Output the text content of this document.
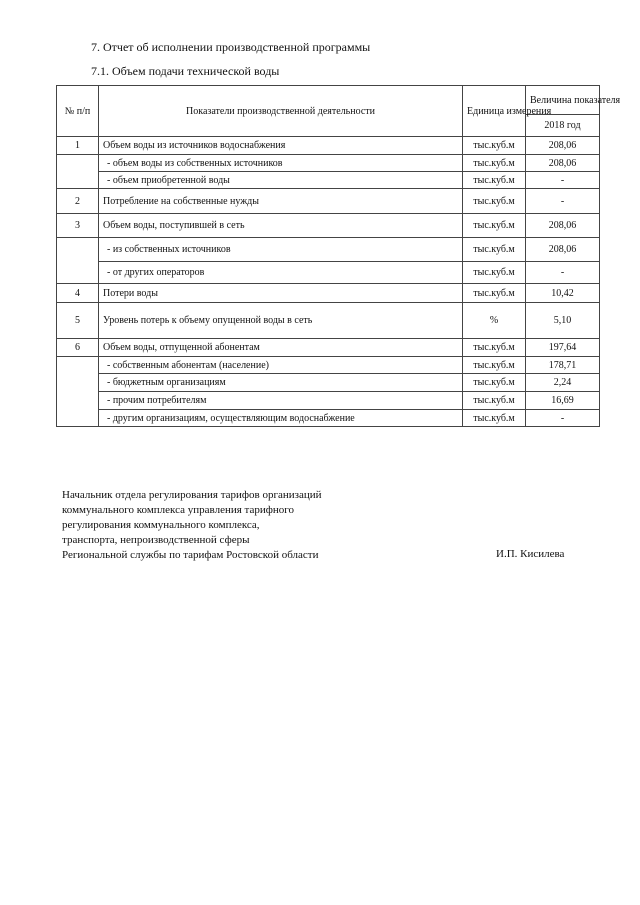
7. Отчет об исполнении производственной программы
7.1. Объем подачи технической воды
№ п/п	Показатели производственной деятельности	Единица измерения	Величина показателя
			2018 год
1	Объем воды из источников водоснабжения	тыс.куб.м	208,06
	- объем воды из собственных источников	тыс.куб.м	208,06
	- объем приобретенной воды	тыс.куб.м	-
2	Потребление на собственные нужды	тыс.куб.м	-
3	Объем воды, поступившей в сеть	тыс.куб.м	208,06
	- из собственных источников	тыс.куб.м	208,06
	- от других операторов	тыс.куб.м	-
4	Потери воды	тыс.куб.м	10,42
5	Уровень потерь к объему опущенной воды в сеть	%	5,10
6	Объем воды, отпущенной абонентам	тыс.куб.м	197,64
	- собственным абонентам (население)	тыс.куб.м	178,71
	- бюджетным организациям	тыс.куб.м	2,24
	- прочим потребителям	тыс.куб.м	16,69
	- другим организациям, осуществляющим водоснабжение	тыс.куб.м	-
Начальник отдела регулирования тарифов организаций
коммунального комплекса управления тарифного
регулирования коммунального комплекса,
транспорта, непроизводственной сферы
Региональной службы по тарифам Ростовской области	И.П. Кисилева
